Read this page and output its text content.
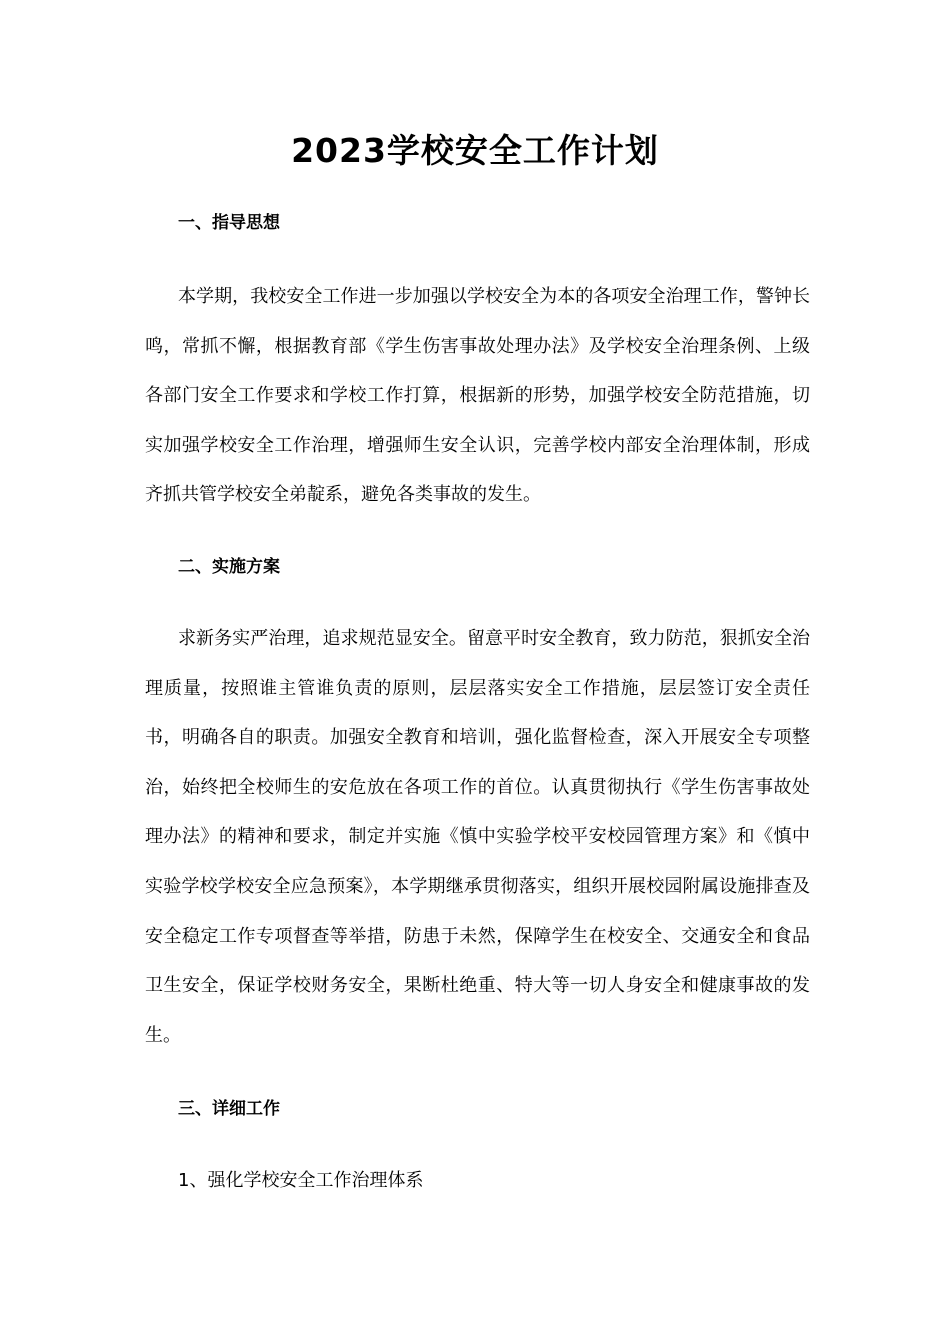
2023学校安全工作计划
一、指导思想

本学期，我校安全工作进一步加强以学校安全为本的各项安全治理工作，警钟长鸣，常抓不懈，根据教育部《学生伤害事故处理办法》及学校安全治理条例、上级各部门安全工作要求和学校工作打算，根据新的形势，加强学校安全防范措施，切实加强学校安全工作治理，增强师生安全认识，完善学校内部安全治理体制，形成齐抓共管学校安全弟靛系，避免各类事故的发生。

二、实施方案

求新务实严治理，追求规范显安全。留意平时安全教育，致力防范，狠抓安全治理质量，按照谁主管谁负责的原则，层层落实安全工作措施，层层签订安全责任书，明确各自的职责。加强安全教育和培训，强化监督检查，深入开展安全专项整治，始终把全校师生的安危放在各项工作的首位。认真贯彻执行《学生伤害事故处理办法》的精神和要求，制定并实施《慎中实验学校平安校园管理方案》和《慎中实验学校学校安全应急预案》，本学期继承贯彻落实，组织开展校园附属设施排查及安全稳定工作专项督查等举措，防患于未然，保障学生在校安全、交通安全和食品卫生安全，保证学校财务安全，果断杜绝重、特大等一切人身安全和健康事故的发生。

三、详细工作
1、强化学校安全工作治理体系
